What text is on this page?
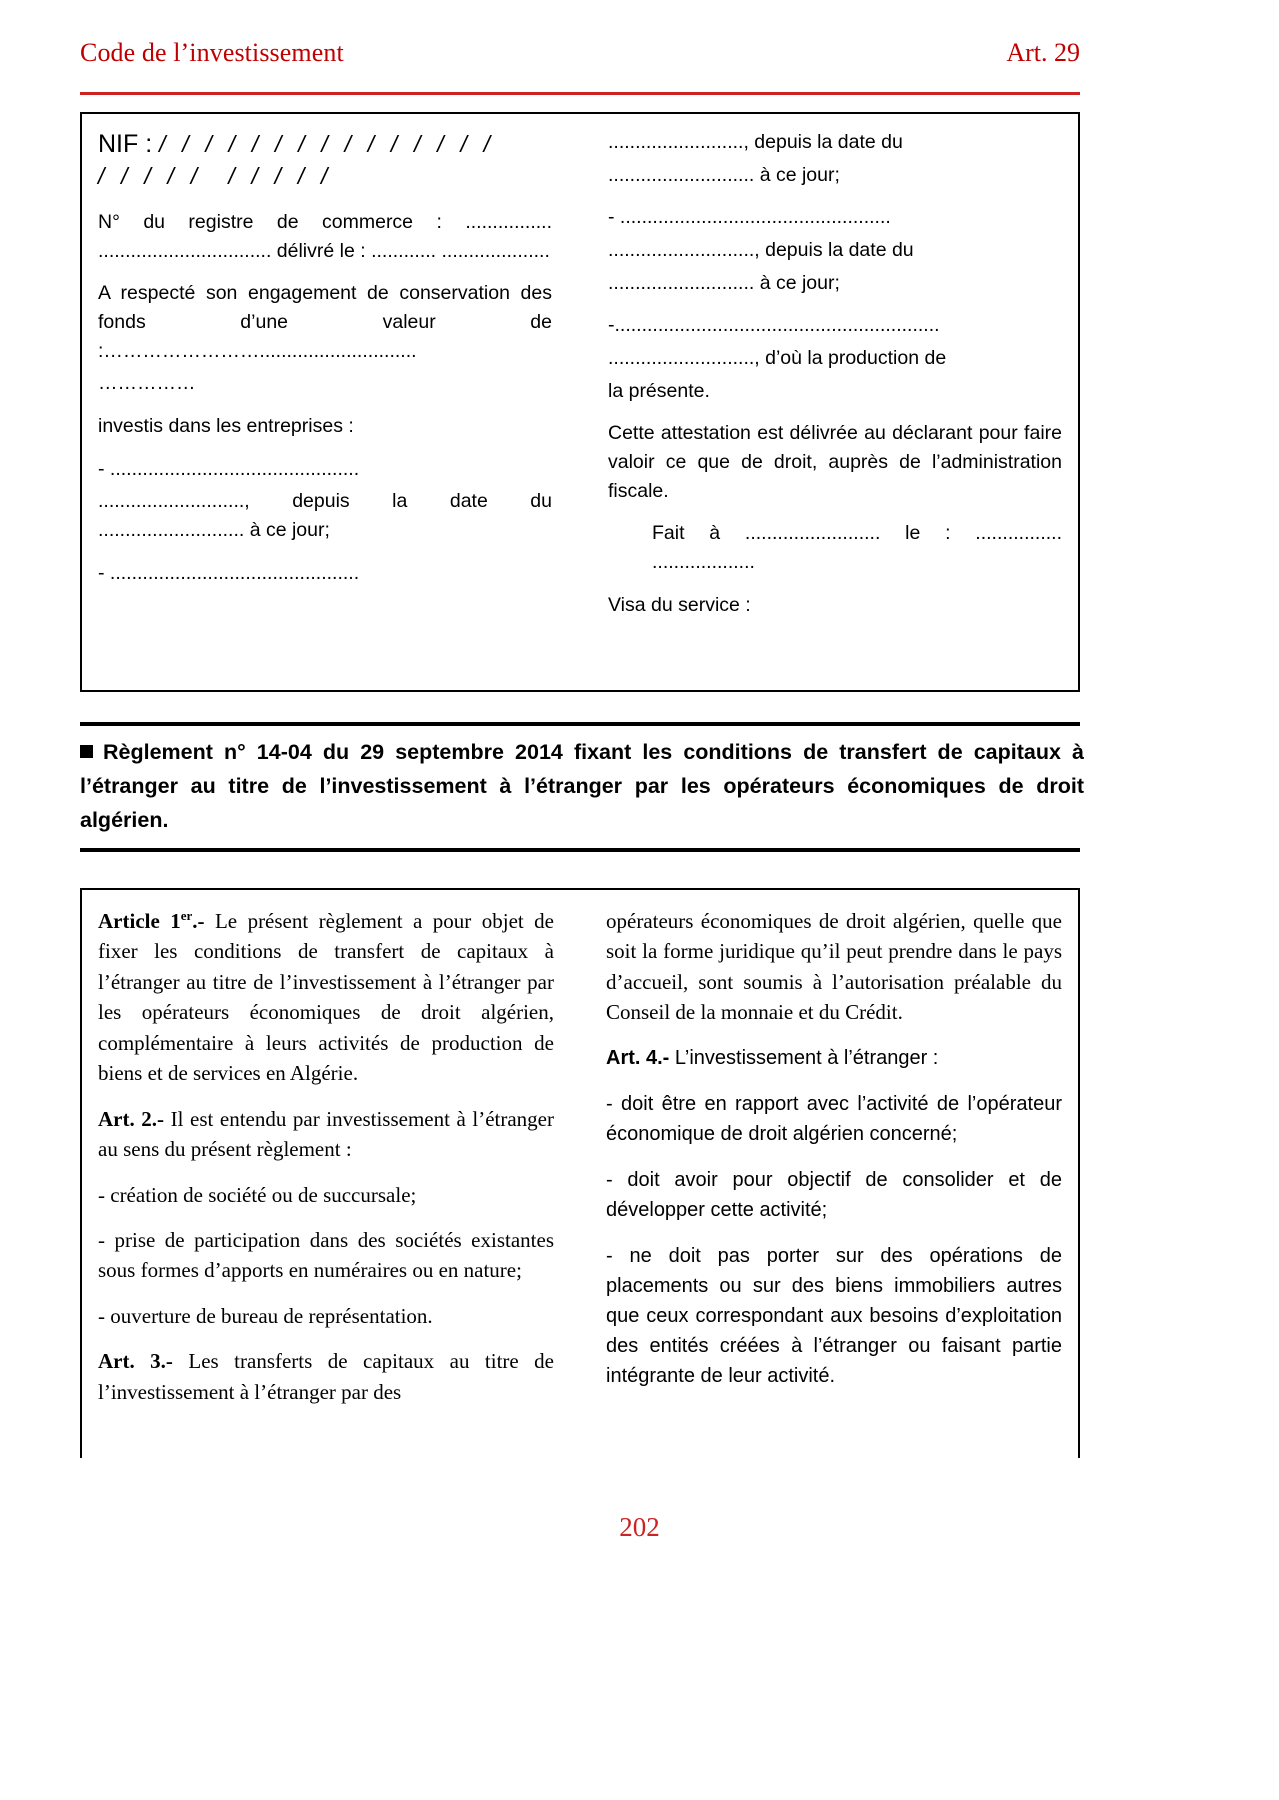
Code de l’investissement	Art. 29
NIF : / / / / / / / / / / / / / / /
/ / / / / / / / / /

N° du registre de commerce : ................ ................................ délivré le : ............ ....................

A respecté son engagement de conservation des fonds d’une valeur de :…………………….............................

……………

investis dans les entreprises :

- ..............................................

..........................., depuis la date du ........................... à ce jour;

- ..............................................

........................., depuis la date du

........................... à ce jour;

- ..................................................

..........................., depuis la date du

........................... à ce jour;

-............................................................

..........................., d’où la production de

la présente.

Cette attestation est délivrée au déclarant pour faire valoir ce que de droit, auprès de l’administration fiscale.

Fait à ......................... le : ................ ...................

Visa du service :

Règlement n° 14-04 du 29 septembre 2014 fixant les conditions de transfert de capitaux à l’étranger au titre de l’investissement à l’étranger par les opérateurs économiques de droit algérien.

Article 1er.- Le présent règlement a pour objet de fixer les conditions de transfert de capitaux à l’étranger au titre de l’investissement à l’étranger par les opérateurs économiques de droit algérien, complémentaire à leurs activités de production de biens et de services en Algérie.

Art. 2.- Il est entendu par investissement à l’étranger au sens du présent règlement :

- création de société ou de succursale;

- prise de participation dans des sociétés existantes sous formes d’apports en numéraires ou en nature;

- ouverture de bureau de représentation.

Art. 3.- Les transferts de capitaux au titre de l’investissement à l’étranger par des

opérateurs économiques de droit algérien, quelle que soit la forme juridique qu’il peut prendre dans le pays d’accueil, sont soumis à l’autorisation préalable du Conseil de la monnaie et du Crédit.

Art. 4.- L’investissement à l’étranger :

- doit être en rapport avec l’activité de l’opérateur économique de droit algérien concerné;

- doit avoir pour objectif de consolider et de développer cette activité;

- ne doit pas porter sur des opérations de placements ou sur des biens immobiliers autres que ceux correspondant aux besoins d’exploitation des entités créées à l’étranger ou faisant partie intégrante de leur activité.

202
